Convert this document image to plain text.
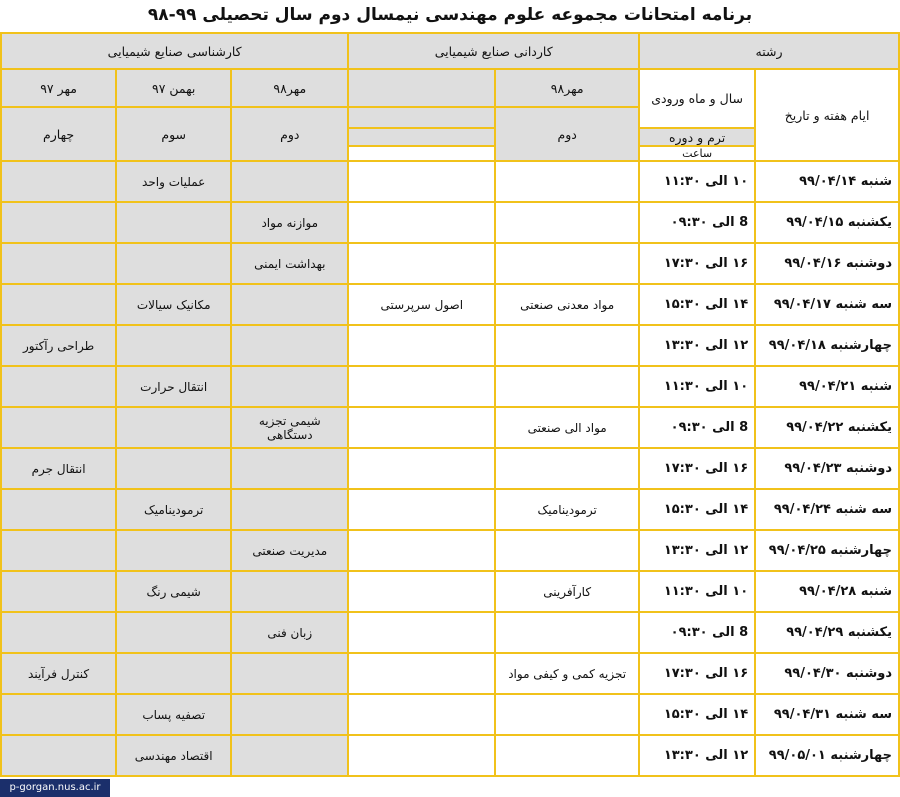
برنامه امتحانات مجموعه علوم مهندسی نیمسال دوم سال تحصیلی ۹۹-۹۸
رشته		کاردانی صنایع شیمیایی		کارشناسی صنایع شیمیایی		
ایام هفته و تاریخ	سال و ماه ورودی	مهر۹۸		مهر۹۸	بهمن ۹۷	مهر ۹۷
		دوم		دوم	سوم	چهارم
	ترم و دوره					
	ساعت					
شنبه ۹۹/۰۴/۱۴	۱۰ الی ۱۱:۳۰				عملیات واحد	
یکشنبه ۹۹/۰۴/۱۵	8 الی ۰۹:۳۰			موازنه مواد		
دوشنبه ۹۹/۰۴/۱۶	۱۶ الی ۱۷:۳۰			بهداشت ایمنی		
سه شنبه ۹۹/۰۴/۱۷	۱۴ الی ۱۵:۳۰	مواد معدنی صنعتی	اصول سرپرستی		مکانیک سیالات	
چهارشنبه ۹۹/۰۴/۱۸	۱۲ الی ۱۳:۳۰					طراحی رآکتور
شنبه ۹۹/۰۴/۲۱	۱۰ الی ۱۱:۳۰				انتقال حرارت	
یکشنبه ۹۹/۰۴/۲۲	8 الی ۰۹:۳۰	مواد الی صنعتی		شیمی تجزیه دستگاهی		
دوشنبه ۹۹/۰۴/۲۳	۱۶ الی ۱۷:۳۰					انتقال جرم
سه شنبه ۹۹/۰۴/۲۴	۱۴ الی ۱۵:۳۰	ترمودینامیک			ترمودینامیک	
چهارشنبه ۹۹/۰۴/۲۵	۱۲ الی ۱۳:۳۰			مدیریت صنعتی		
شنبه ۹۹/۰۴/۲۸	۱۰ الی ۱۱:۳۰	کارآفرینی			شیمی رنگ	
یکشنبه ۹۹/۰۴/۲۹	8 الی ۰۹:۳۰			زبان فنی		
دوشنبه ۹۹/۰۴/۳۰	۱۶ الی ۱۷:۳۰	تجزیه کمی و کیفی مواد				کنترل فرآیند
سه شنبه ۹۹/۰۴/۳۱	۱۴ الی ۱۵:۳۰				تصفیه پساب	
چهارشنبه ۹۹/۰۵/۰۱	۱۲ الی ۱۳:۳۰				اقتصاد مهندسی	
p-gorgan.nus.ac.ir
